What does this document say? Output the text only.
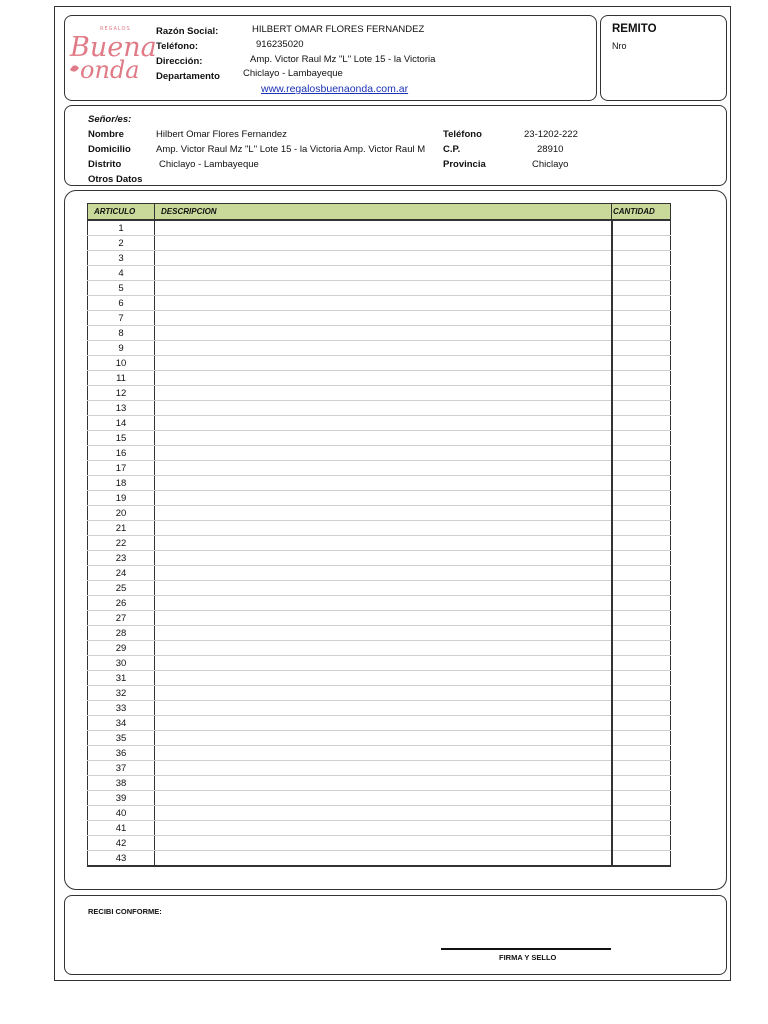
REGALOS
Buena
onda
Razón Social:	HILBERT OMAR FLORES FERNANDEZ
Teléfono:	916235020
Dirección:	Amp. Victor Raul Mz "L" Lote 15 - la Victoria
Departamento Chiclayo - Lambayeque
www.regalosbuenaonda.com.ar
REMITO
Nro
Señor/es:
Nombre	Hilbert Omar Flores Fernandez	Teléfono	23-1202-222
Domicilio	Amp. Victor Raul Mz "L" Lote 15 - la Victoria Amp. Victor Raul M C.P.	28910
Distrito	Chiclayo - Lambayeque	Provincia	Chiclayo
Otros Datos
ARTICULO	DESCRIPCION	CANTIDAD
1		
2		
3		
4		
5		
6		
7		
8		
9		
10		
11		
12		
13		
14		
15		
16		
17		
18		
19		
20		
21		
22		
23		
24		
25		
26		
27		
28		
29		
30		
31		
32		
33		
34		
35		
36		
37		
38		
39		
40		
41		
42		
43		
RECIBI CONFORME:
FIRMA Y SELLO
